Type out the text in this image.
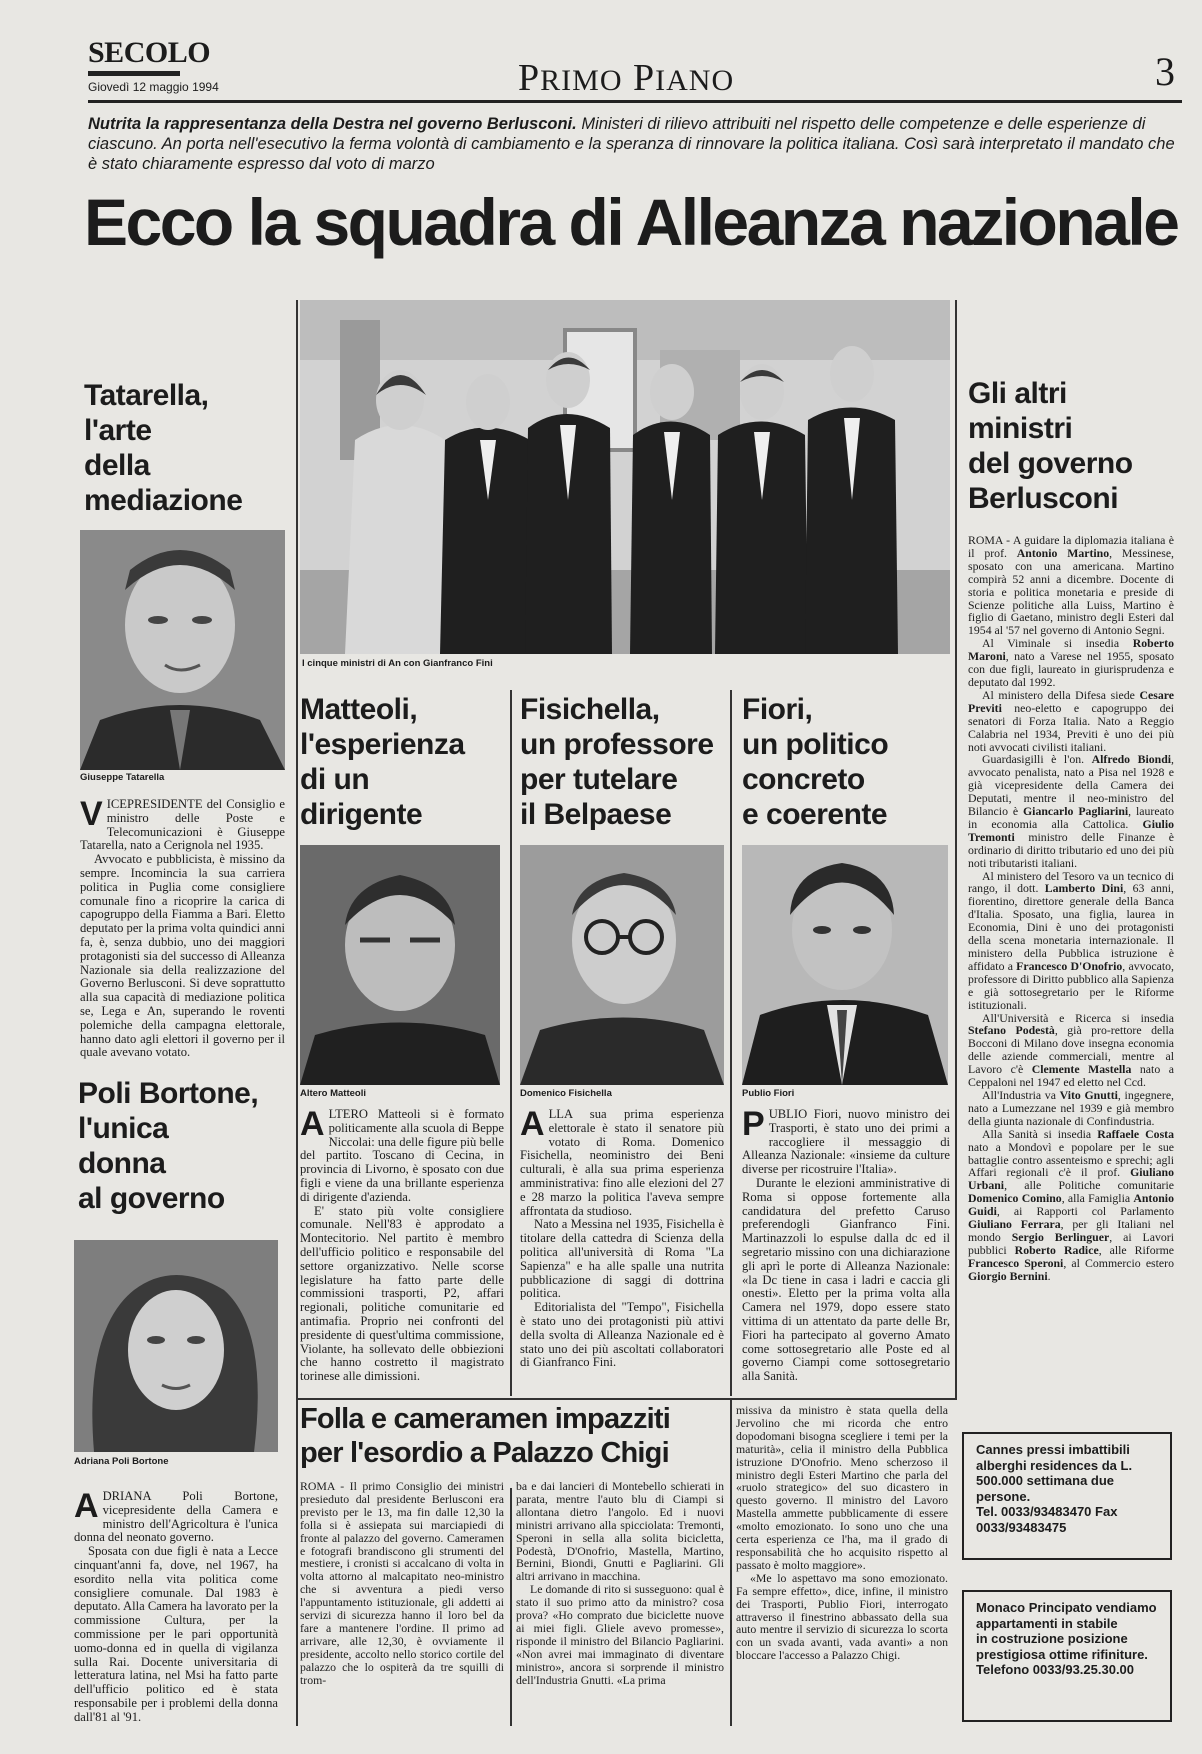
SECOLO
Giovedì 12 maggio 1994	PRIMO PIANO	3
Nutrita la rappresentanza della Destra nel governo Berlusconi. Ministeri di rilievo attribuiti nel rispetto delle competenze e delle esperienze di ciascuno. An porta nell'esecutivo la ferma volontà di cambiamento e la speranza di rinnovare la politica italiana. Così sarà interpretato il mandato che è stato chiaramente espresso dal voto di marzo
Ecco la squadra di Alleanza nazionale
Tatarella,
l'arte
della
mediazione
Giuseppe Tatarella
V ICEPRESIDENTE del Consiglio e ministro delle Poste e Telecomunicazioni è Giuseppe Tatarella, nato a Cerignola nel 1935.

Avvocato e pubblicista, è missino da sempre. Incomincia la sua carriera politica in Puglia come consigliere comunale fino a ricoprire la carica di capogruppo della Fiamma a Bari. Eletto deputato per la prima volta quindici anni fa, è, senza dubbio, uno dei maggiori protagonisti sia del successo di Alleanza Nazionale sia della realizzazione del Governo Berlusconi. Si deve soprattutto alla sua capacità di mediazione politica se, Lega e An, superando le roventi polemiche della campagna elettorale, hanno dato agli elettori il governo per il quale avevano votato.

Poli Bortone,
l'unica
donna
al governo
Adriana Poli Bortone
A DRIANA Poli Bortone, vicepresidente della Camera e ministro dell'Agricoltura è l'unica donna del neonato governo.

Sposata con due figli è nata a Lecce cinquant'anni fa, dove, nel 1967, ha esordito nella vita politica come consigliere comunale. Dal 1983 è deputato. Alla Camera ha lavorato per la commissione Cultura, per la commissione per le pari opportunità uomo-donna ed in quella di vigilanza sulla Rai. Docente universitaria di letteratura latina, nel Msi ha fatto parte dell'ufficio politico ed è stata responsabile per i problemi della donna dall'81 al '91.

I cinque ministri di An con Gianfranco Fini
Matteoli,
l'esperienza
di un
dirigente
Altero Matteoli
A LTERO Matteoli si è formato politicamente alla scuola di Beppe Niccolai: una delle figure più belle del partito. Toscano di Cecina, in provincia di Livorno, è sposato con due figli e viene da una brillante esperienza di dirigente d'azienda.

E' stato più volte consigliere comunale. Nell'83 è approdato a Montecitorio. Nel partito è membro dell'ufficio politico e responsabile del settore organizzativo. Nelle scorse legislature ha fatto parte delle commissioni trasporti, P2, affari regionali, politiche comunitarie ed antimafia. Proprio nei confronti del presidente di quest'ultima commissione, Violante, ha sollevato delle obbiezioni che hanno costretto il magistrato torinese alle dimissioni.

Fisichella,
un professore
per tutelare
il Belpaese
Domenico Fisichella
A LLA sua prima esperienza elettorale è stato il senatore più votato di Roma. Domenico Fisichella, neoministro dei Beni culturali, è alla sua prima esperienza amministrativa: fino alle elezioni del 27 e 28 marzo la politica l'aveva sempre affrontata da studioso.

Nato a Messina nel 1935, Fisichella è titolare della cattedra di Scienza della politica all'università di Roma "La Sapienza" e ha alle spalle una nutrita pubblicazione di saggi di dottrina politica.

Editorialista del "Tempo", Fisichella è stato uno dei protagonisti più attivi della svolta di Alleanza Nazionale ed è stato uno dei più ascoltati collaboratori di Gianfranco Fini.

Fiori,
un politico
concreto
e coerente
Publio Fiori
P UBLIO Fiori, nuovo ministro dei Trasporti, è stato uno dei primi a raccogliere il messaggio di Alleanza Nazionale: «insieme da culture diverse per ricostruire l'Italia».

Durante le elezioni amministrative di Roma si oppose fortemente alla candidatura del prefetto Caruso preferendogli Gianfranco Fini. Martinazzoli lo espulse dalla dc ed il segretario missino con una dichiarazione gli aprì le porte di Alleanza Nazionale: «la Dc tiene in casa i ladri e caccia gli onesti». Eletto per la prima volta alla Camera nel 1979, dopo essere stato vittima di un attentato da parte delle Br, Fiori ha partecipato al governo Amato come sottosegretario alle Poste ed al governo Ciampi come sottosegretario alla Sanità.

Gli altri
ministri
del governo
Berlusconi

ROMA - A guidare la diplomazia italiana è il prof. Antonio Martino, Messinese, sposato con una americana. Martino compirà 52 anni a dicembre. Docente di storia e politica monetaria e preside di Scienze politiche alla Luiss, Martino è figlio di Gaetano, ministro degli Esteri dal 1954 al '57 nel governo di Antonio Segni.

Al Viminale si insedia Roberto Maroni, nato a Varese nel 1955, sposato con due figli, laureato in giurisprudenza e deputato dal 1992.

Al ministero della Difesa siede Cesare Previti neo-eletto e capogruppo dei senatori di Forza Italia. Nato a Reggio Calabria nel 1934, Previti è uno dei più noti avvocati civilisti italiani.

Guardasigilli è l'on. Alfredo Biondi, avvocato penalista, nato a Pisa nel 1928 e già vicepresidente della Camera dei Deputati, mentre il neo-ministro del Bilancio è Giancarlo Pagliarini, laureato in economia alla Cattolica. Giulio Tremonti ministro delle Finanze è ordinario di diritto tributario ed uno dei più noti tributaristi italiani.

Al ministero del Tesoro va un tecnico di rango, il dott. Lamberto Dini, 63 anni, fiorentino, direttore generale della Banca d'Italia. Sposato, una figlia, laurea in Economia, Dini è uno dei protagonisti della scena monetaria internazionale. Il ministero della Pubblica istruzione è affidato a Francesco D'Onofrio, avvocato, professore di Diritto pubblico alla Sapienza e già sottosegretario per le Riforme istituzionali.

All'Università e Ricerca si insedia Stefano Podestà, già pro-rettore della Bocconi di Milano dove insegna economia delle aziende commerciali, mentre al Lavoro c'è Clemente Mastella nato a Ceppaloni nel 1947 ed eletto nel Ccd.

All'Industria va Vito Gnutti, ingegnere, nato a Lumezzane nel 1939 e già membro della giunta nazionale di Confindustria.

Alla Sanità si insedia Raffaele Costa nato a Mondovì e popolare per le sue battaglie contro assenteismo e sprechi; agli Affari regionali c'è il prof. Giuliano Urbani, alle Politiche comunitarie Domenico Comino, alla Famiglia Antonio Guidi, ai Rapporti col Parlamento Giuliano Ferrara, per gli Italiani nel mondo Sergio Berlinguer, ai Lavori pubblici Roberto Radice, alle Riforme Francesco Speroni, al Commercio estero Giorgio Bernini.

Cannes pressi imbattibili
alberghi residences da L.
500.000 settimana due
persone.
Tel. 0033/93483470 Fax
0033/93483475
Monaco Principato vendiamo appartamenti in stabile
in costruzione posizione
prestigiosa ottime rifiniture.
Telefono 0033/93.25.30.00
Folla e cameramen impazziti
per l'esordio a Palazzo Chigi

ROMA - Il primo Consiglio dei ministri presieduto dal presidente Berlusconi era previsto per le 13, ma fin dalle 12,30 la folla si è assiepata sui marciapiedi di fronte al palazzo del governo. Cameramen e fotografi brandiscono gli strumenti del mestiere, i cronisti si accalcano di volta in volta attorno al malcapitato neo-ministro che si avventura a piedi verso l'appuntamento istituzionale, gli addetti ai servizi di sicurezza hanno il loro bel da fare a mantenere l'ordine. Il primo ad arrivare, alle 12,30, è ovviamente il presidente, accolto nello storico cortile del palazzo che lo ospiterà da tre squilli di trom-

ba e dai lancieri di Montebello schierati in parata, mentre l'auto blu di Ciampi si allontana dietro l'angolo. Ed i nuovi ministri arrivano alla spicciolata: Tremonti, Speroni in sella alla solita bicicletta, Podestà, D'Onofrio, Mastella, Martino, Bernini, Biondi, Gnutti e Pagliarini. Gli altri arrivano in macchina.

Le domande di rito si susseguono: qual è stato il suo primo atto da ministro? cosa prova? «Ho comprato due biciclette nuove ai miei figli. Gliele avevo promesse», risponde il ministro del Bilancio Pagliarini. «Non avrei mai immaginato di diventare ministro», ancora si sorprende il ministro dell'Industria Gnutti. «La prima

missiva da ministro è stata quella della Jervolino che mi ricorda che entro dopodomani bisogna scegliere i temi per la maturità», celia il ministro della Pubblica istruzione D'Onofrio. Meno scherzoso il ministro degli Esteri Martino che parla del «ruolo strategico» del suo dicastero in questo governo. Il ministro del Lavoro Mastella ammette pubblicamente di essere «molto emozionato. Io sono uno che una certa esperienza ce l'ha, ma il grado di responsabilità che ho acquisito rispetto al passato è molto maggiore».

«Me lo aspettavo ma sono emozionato. Fa sempre effetto», dice, infine, il ministro dei Trasporti, Publio Fiori, interrogato attraverso il finestrino abbassato della sua auto mentre il servizio di sicurezza lo scorta con un svada avanti, vada avanti» a non bloccare l'accesso a Palazzo Chigi.
